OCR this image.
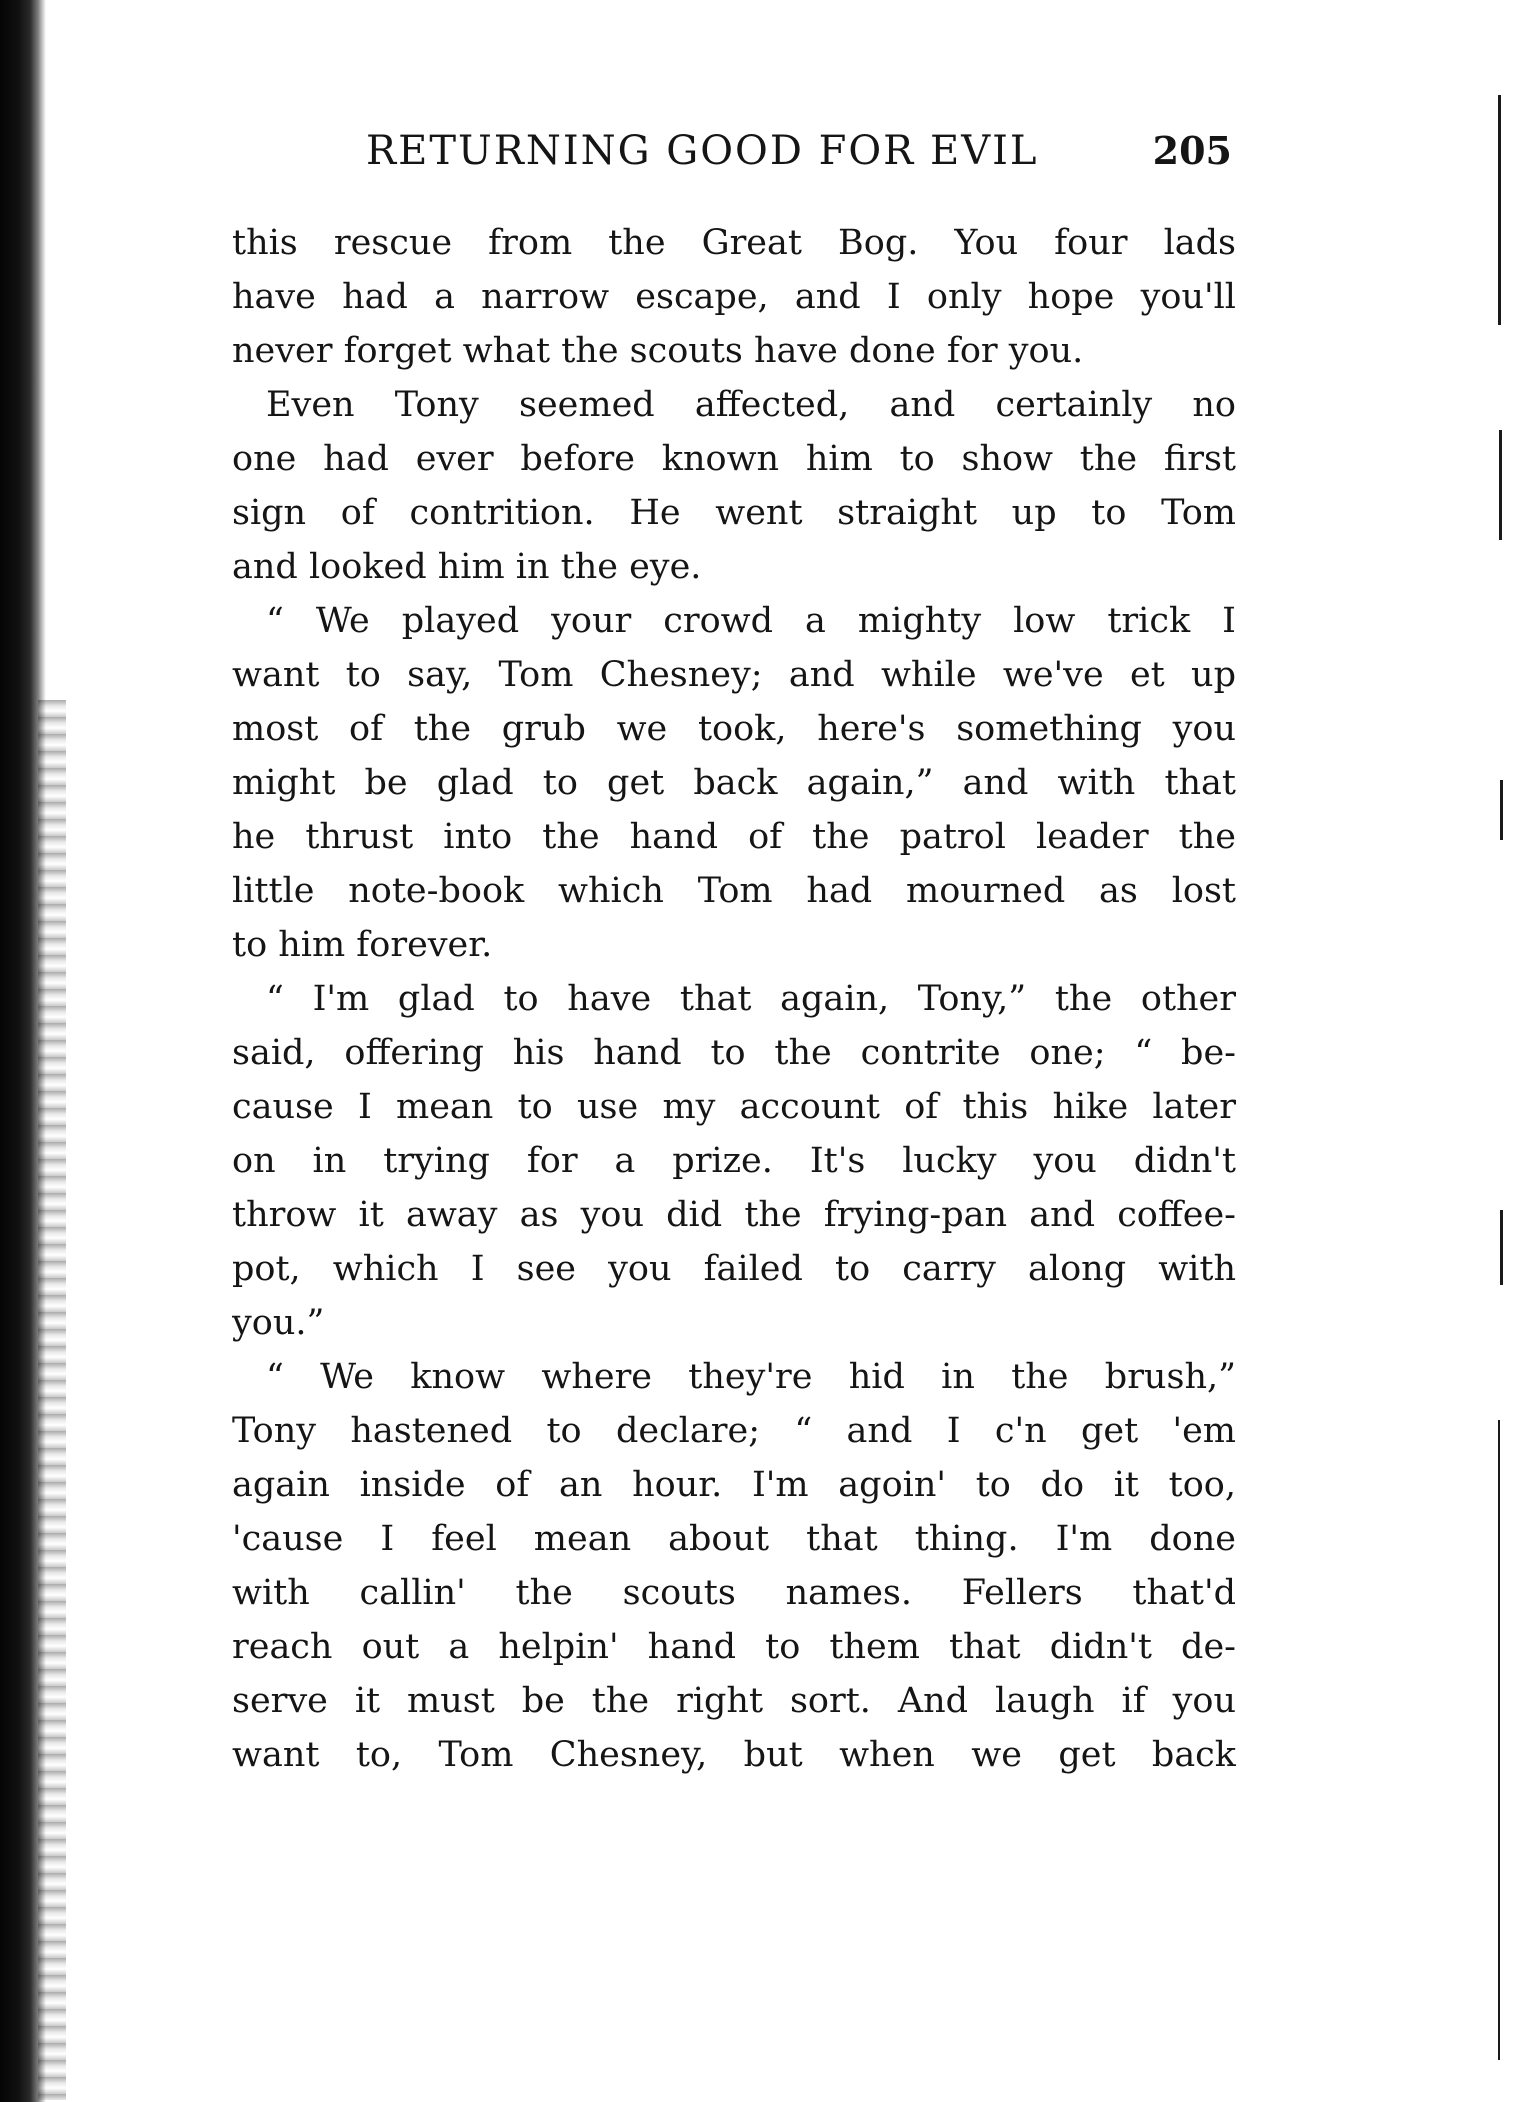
RETURNING GOOD FOR EVIL	205
this rescue from the Great Bog. You four lads
have had a narrow escape, and I only hope you'll
never forget what the scouts have done for you.
Even Tony seemed affected, and certainly no
one had ever before known him to show the first
sign of contrition. He went straight up to Tom
and looked him in the eye.
“ We played your crowd a mighty low trick I
want to say, Tom Chesney; and while we've et up
most of the grub we took, here's something you
might be glad to get back again,” and with that
he thrust into the hand of the patrol leader the
little note-book which Tom had mourned as lost
to him forever.
“ I'm glad to have that again, Tony,” the other
said, offering his hand to the contrite one; “ be-
cause I mean to use my account of this hike later
on in trying for a prize. It's lucky you didn't
throw it away as you did the frying-pan and coffee-
pot, which I see you failed to carry along with
you.”
“ We know where they're hid in the brush,”
Tony hastened to declare; “ and I c'n get 'em
again inside of an hour. I'm agoin' to do it too,
'cause I feel mean about that thing. I'm done
with callin' the scouts names. Fellers that'd
reach out a helpin' hand to them that didn't de-
serve it must be the right sort. And laugh if you
want to, Tom Chesney, but when we get back
